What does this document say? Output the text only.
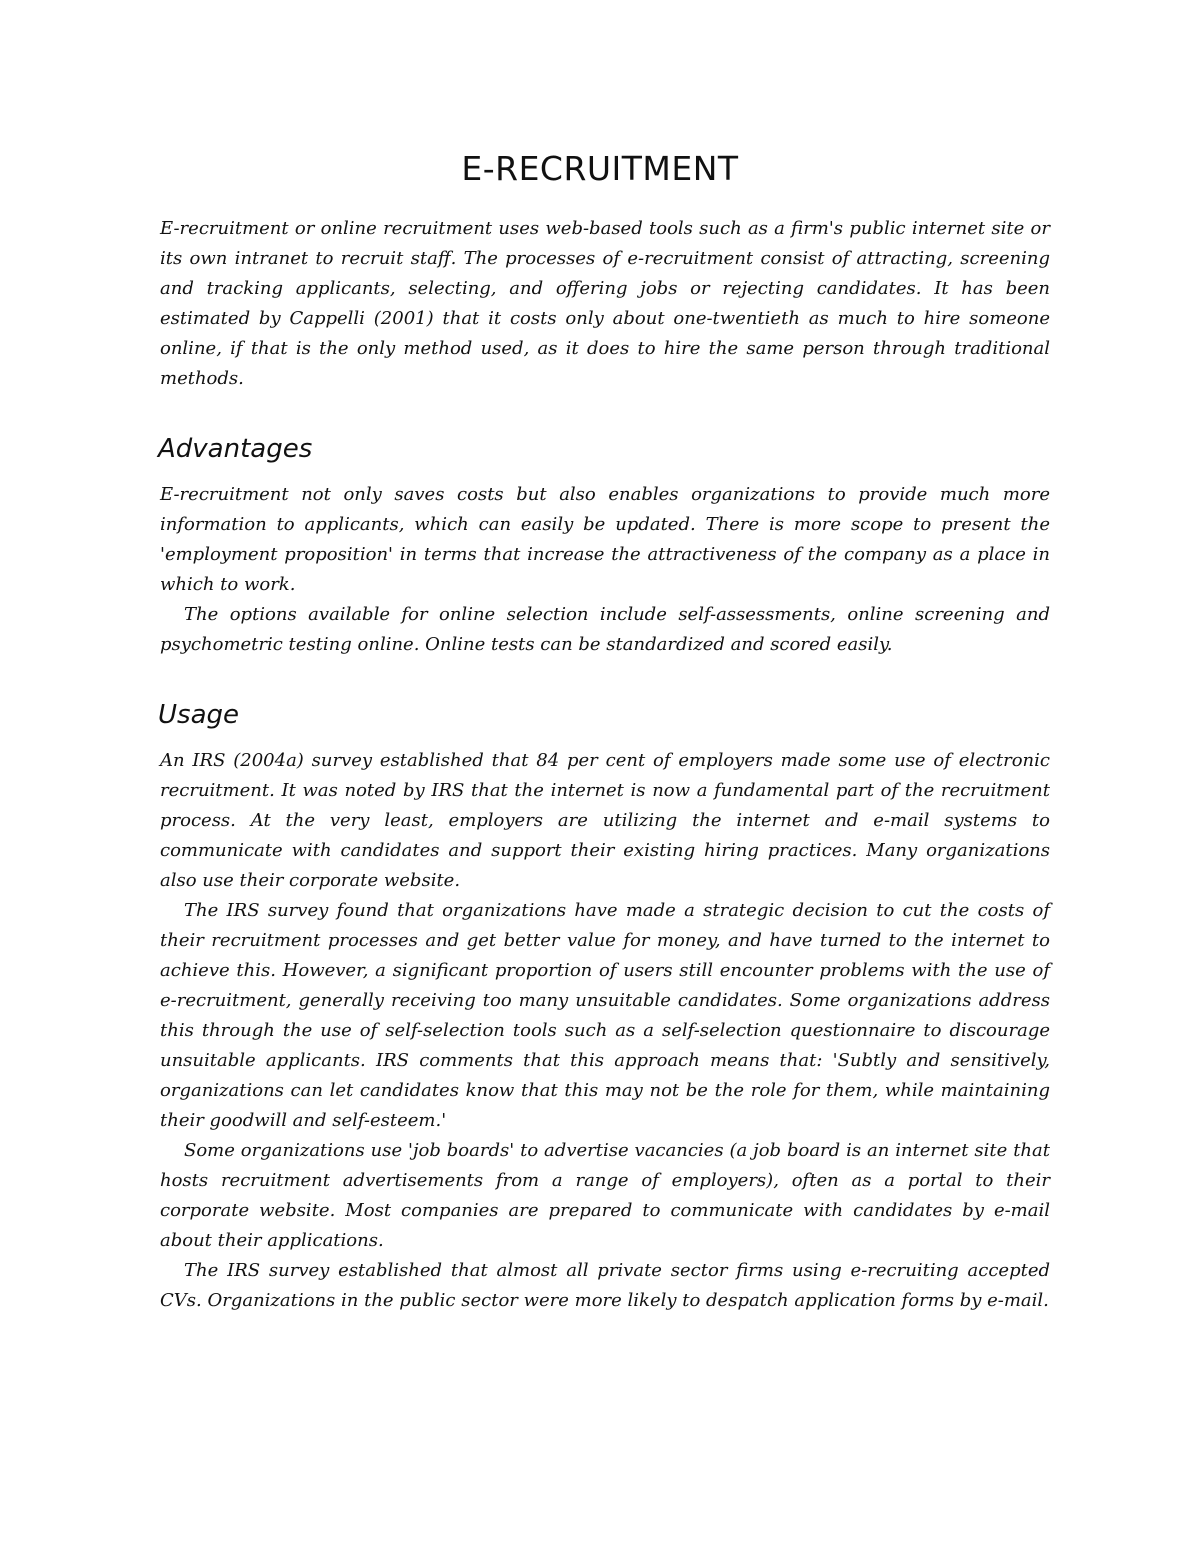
E-RECRUITMENT

E-recruitment or online recruitment uses web-based tools such as a firm's public internet site or its own intranet to recruit staff. The processes of e-recruitment consist of attracting, screening and tracking applicants, selecting, and offering jobs or rejecting candidates. It has been estimated by Cappelli (2001) that it costs only about one-twentieth as much to hire someone online, if that is the only method used, as it does to hire the same person through traditional methods.

Advantages

E-recruitment not only saves costs but also enables organizations to provide much more information to applicants, which can easily be updated. There is more scope to present the 'employment proposition' in terms that increase the attractiveness of the company as a place in which to work.

The options available for online selection include self-assessments, online screening and psychometric testing online. Online tests can be standardized and scored easily.

Usage

An IRS (2004a) survey established that 84 per cent of employers made some use of electronic recruitment. It was noted by IRS that the internet is now a fundamental part of the recruitment process. At the very least, employers are utilizing the internet and e-mail systems to communicate with candidates and support their existing hiring practices. Many organizations also use their corporate website.

The IRS survey found that organizations have made a strategic decision to cut the costs of their recruitment processes and get better value for money, and have turned to the internet to achieve this. However, a significant proportion of users still encounter problems with the use of e-recruitment, generally receiving too many unsuitable candidates. Some organizations address this through the use of self-selection tools such as a self-selection questionnaire to discourage unsuitable applicants. IRS comments that this approach means that: 'Subtly and sensitively, organizations can let candidates know that this may not be the role for them, while maintaining their goodwill and self-esteem.'

Some organizations use 'job boards' to advertise vacancies (a job board is an internet site that hosts recruitment advertisements from a range of employers), often as a portal to their corporate website. Most companies are prepared to communicate with candidates by e-mail about their applications.

The IRS survey established that almost all private sector firms using e-recruiting accepted CVs. Organizations in the public sector were more likely to despatch application forms by e-mail.
